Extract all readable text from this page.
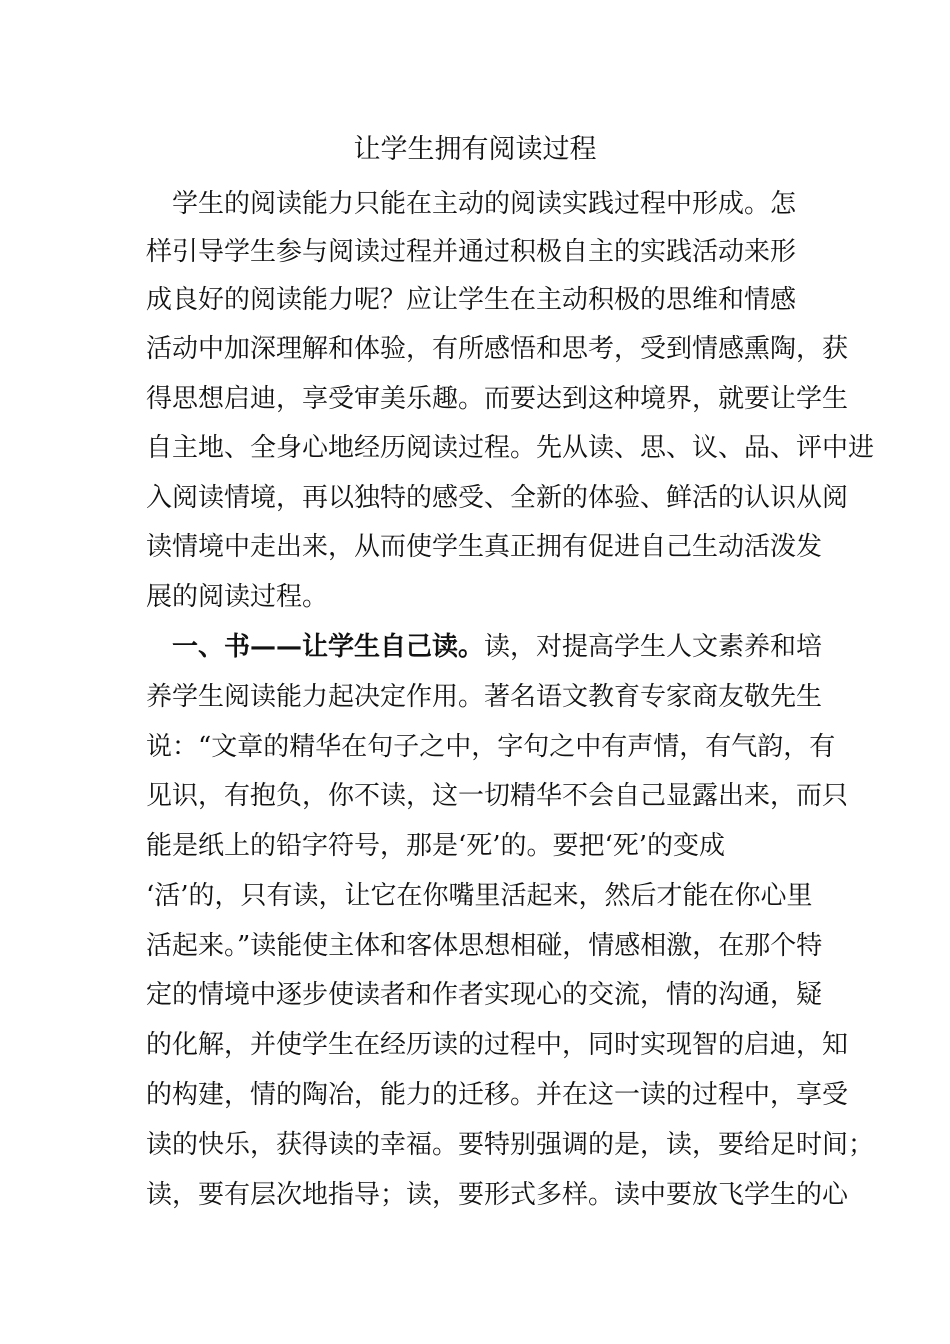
让学生拥有阅读过程
　学生的阅读能力只能在主动的阅读实践过程中形成。怎
样引导学生参与阅读过程并通过积极自主的实践活动来形
成良好的阅读能力呢？应让学生在主动积极的思维和情感
活动中加深理解和体验，有所感悟和思考，受到情感熏陶，获
得思想启迪，享受审美乐趣。而要达到这种境界，就要让学生
自主地、全身心地经历阅读过程。先从读、思、议、品、评中进
入阅读情境，再以独特的感受、全新的体验、鲜活的认识从阅
读情境中走出来，从而使学生真正拥有促进自己生动活泼发
展的阅读过程。
　一、书——让学生自己读。读，对提高学生人文素养和培
养学生阅读能力起决定作用。著名语文教育专家商友敬先生
说：“文章的精华在句子之中，字句之中有声情，有气韵，有
见识，有抱负，你不读，这一切精华不会自己显露出来，而只
能是纸上的铅字符号，那是‘死’的。要把‘死’的变成
‘活’的，只有读，让它在你嘴里活起来，然后才能在你心里
活起来。”读能使主体和客体思想相碰，情感相激，在那个特
定的情境中逐步使读者和作者实现心的交流，情的沟通，疑
的化解，并使学生在经历读的过程中，同时实现智的启迪，知
的构建，情的陶冶，能力的迁移。并在这一读的过程中，享受
读的快乐，获得读的幸福。要特别强调的是，读，要给足时间；
读，要有层次地指导；读，要形式多样。读中要放飞学生的心
